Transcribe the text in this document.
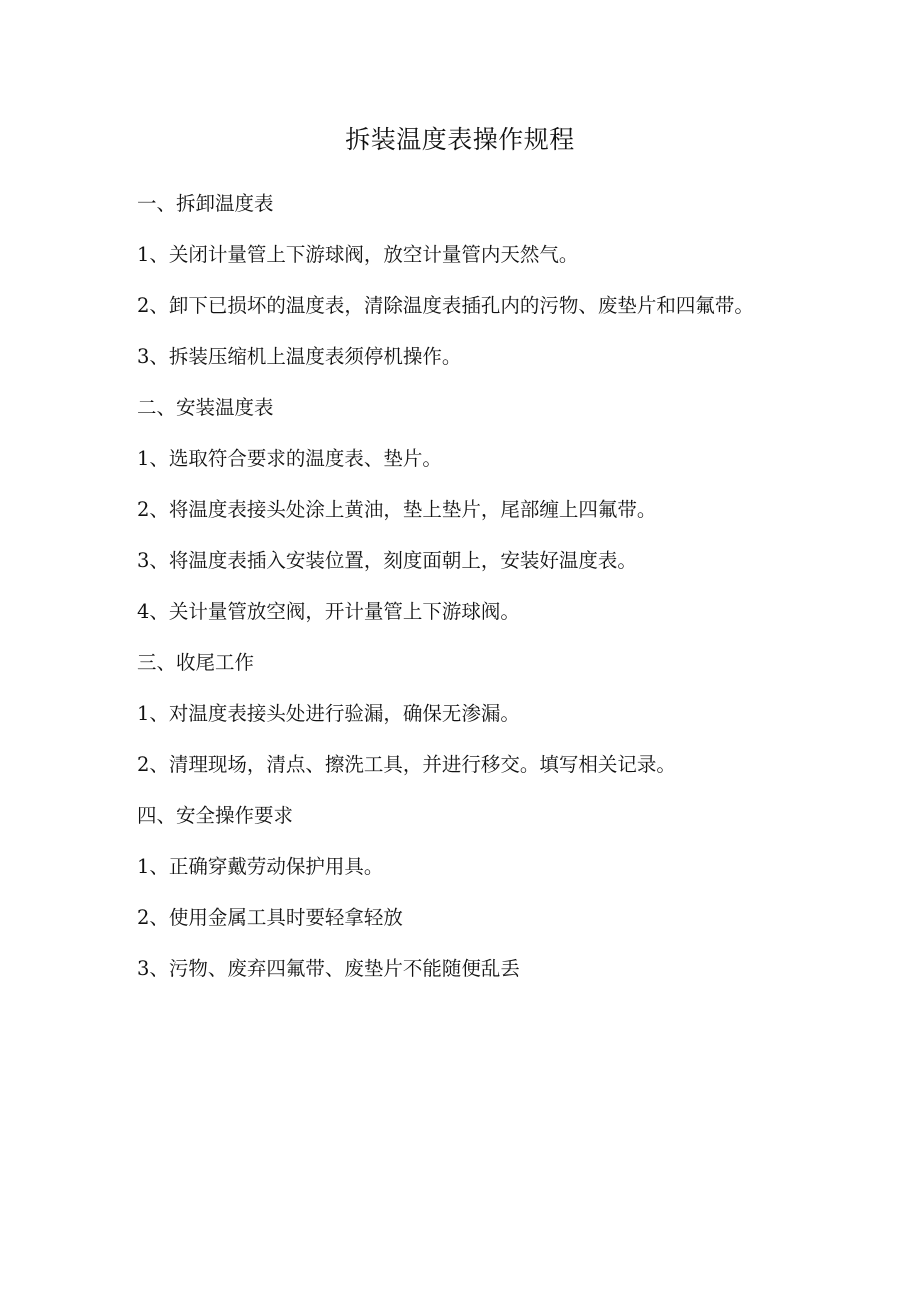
拆装温度表操作规程

一、拆卸温度表

1、关闭计量管上下游球阀，放空计量管内天然气。

2、卸下已损坏的温度表，清除温度表插孔内的污物、废垫片和四氟带。

3、拆装压缩机上温度表须停机操作。

二、安装温度表

1、选取符合要求的温度表、垫片。

2、将温度表接头处涂上黄油，垫上垫片，尾部缠上四氟带。

3、将温度表插入安装位置，刻度面朝上，安装好温度表。

4、关计量管放空阀，开计量管上下游球阀。

三、收尾工作

1、对温度表接头处进行验漏，确保无渗漏。

2、清理现场，清点、擦洗工具，并进行移交。填写相关记录。

四、安全操作要求

1、正确穿戴劳动保护用具。

2、使用金属工具时要轻拿轻放

3、污物、废弃四氟带、废垫片不能随便乱丢
